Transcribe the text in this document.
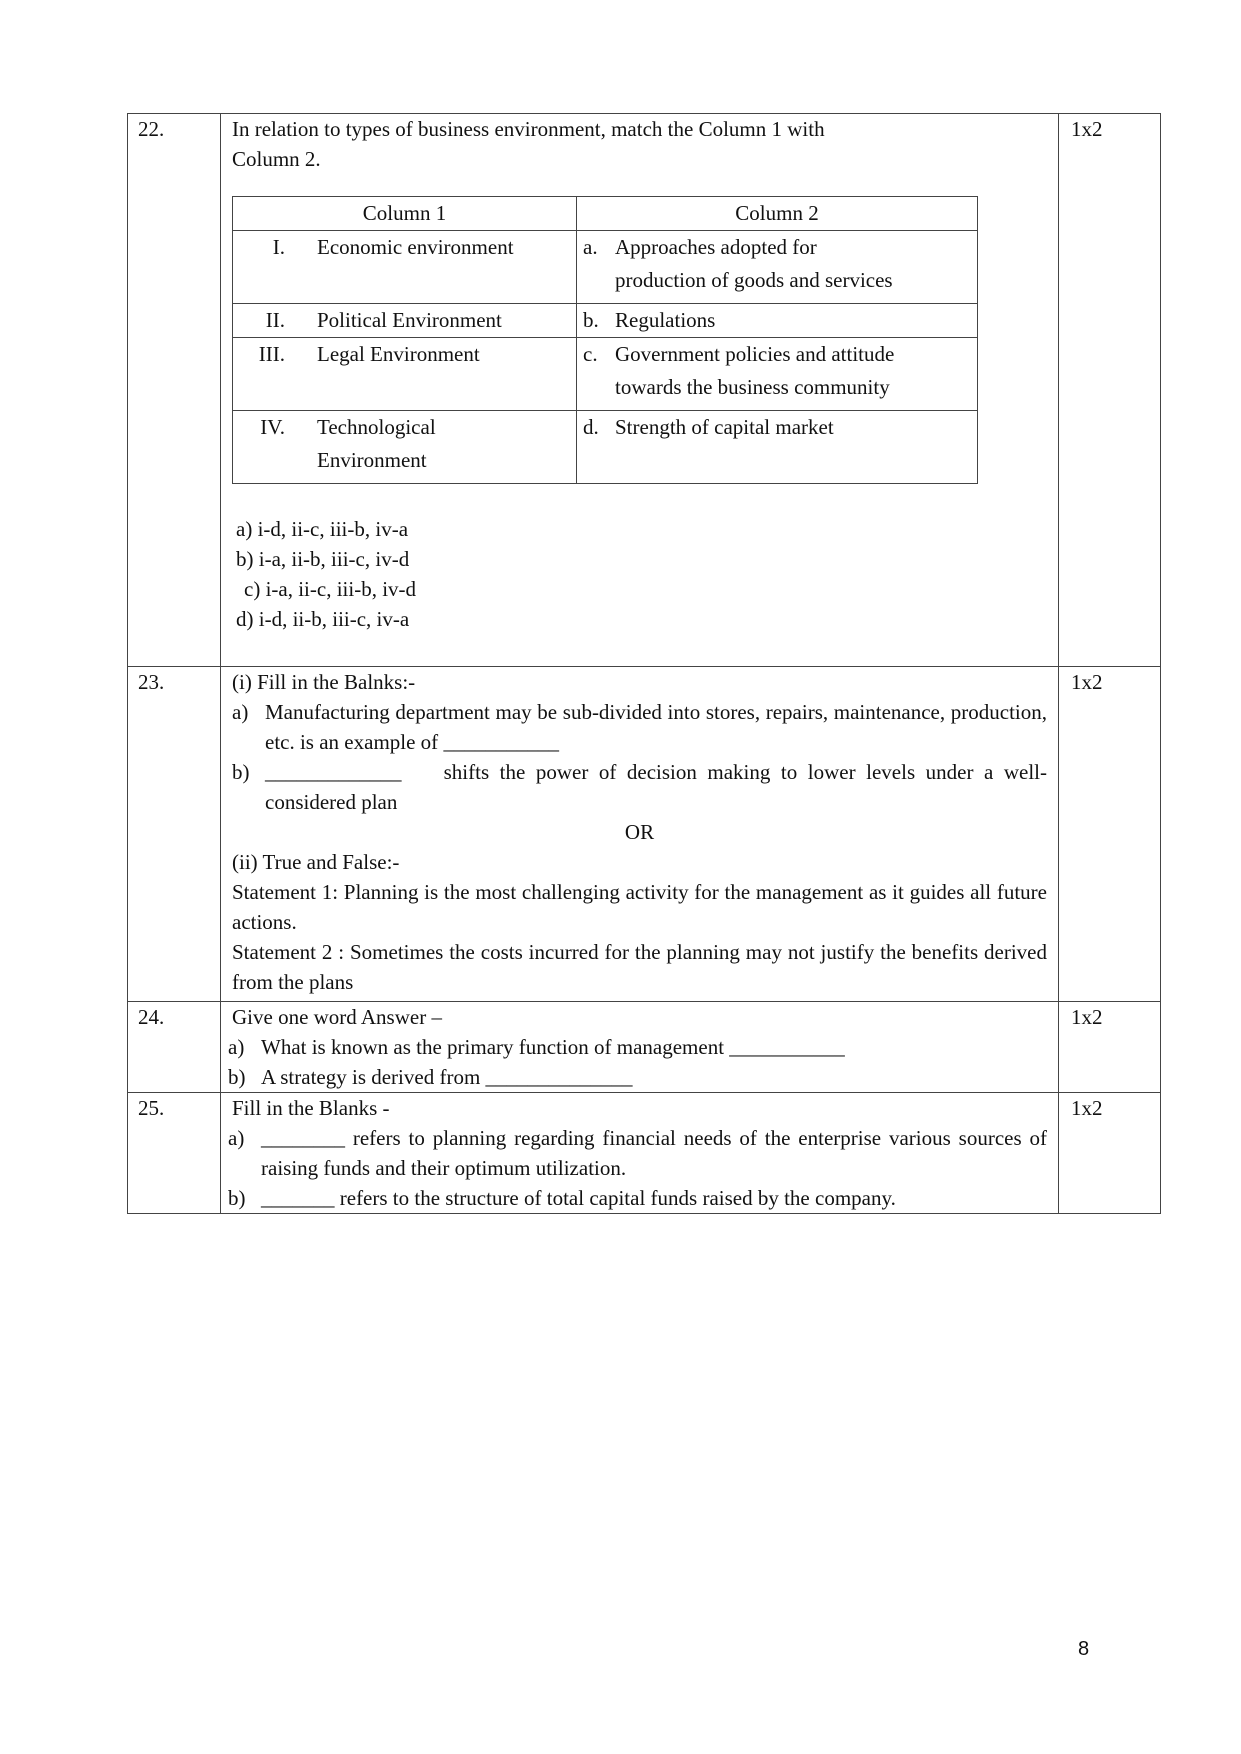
22.	In relation to types of business environment, match the Column 1 with
Column 2.
Column 1	Column 2
I. Economic environment	a. Approaches adopted for
production of goods and services
II. Political Environment	b. Regulations
III. Legal Environment	c. Government policies and attitude
towards the business community
IV. Technological
Environment	d. Strength of capital market
a) i-d, ii-c, iii-b, iv-a
b) i-a, ii-b, iii-c, iv-d
c) i-a, ii-c, iii-b, iv-d
d) i-d, ii-b, iii-c, iv-a
	1x2
23.	(i) Fill in the Balnks:-
a) Manufacturing department may be sub-divided into stores, repairs, maintenance, production, etc. is an example of ___________
b) _____________ shifts the power of decision making to lower levels under a well-considered plan
OR
(ii) True and False:-
Statement 1: Planning is the most challenging activity for the management as it guides all future actions.
Statement 2 : Sometimes the costs incurred for the planning may not justify the benefits derived from the plans
	1x2
24.	Give one word Answer –
a) What is known as the primary function of management ___________
b) A strategy is derived from ______________
	1x2
25.	Fill in the Blanks -
a) ________ refers to planning regarding financial needs of the enterprise various sources of raising funds and their optimum utilization.
b) _______ refers to the structure of total capital funds raised by the company.
	1x2
8
